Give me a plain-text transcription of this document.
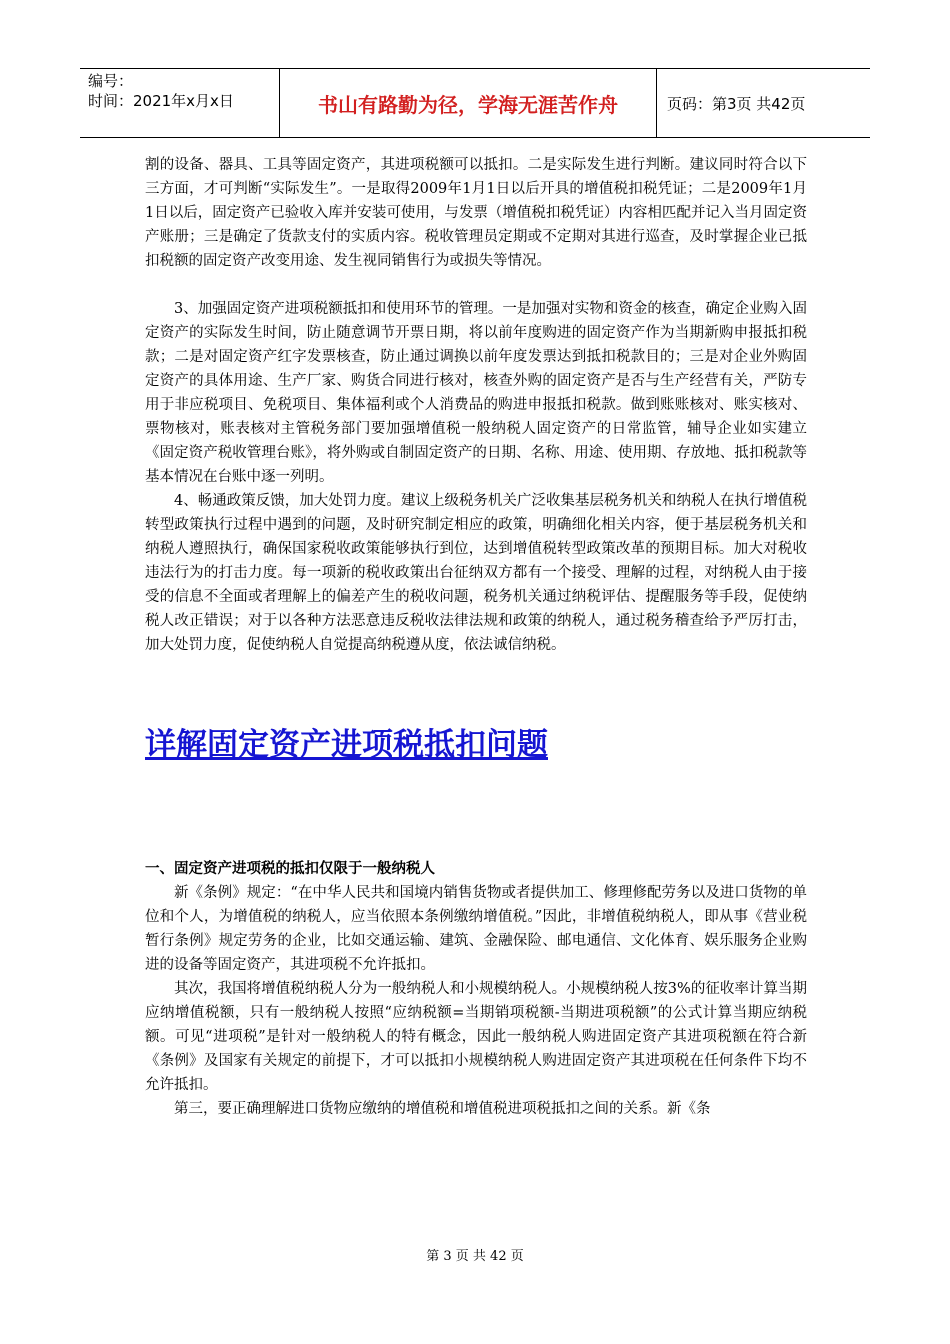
编号：
时间：2021年x月x日	书山有路勤为径，学海无涯苦作舟	页码：第3页 共42页

割的设备、器具、工具等固定资产，其进项税额可以抵扣。二是实际发生进行判断。建议同时符合以下三方面，才可判断“实际发生”。一是取得2009年1月1日以后开具的增值税扣税凭证；二是2009年1月1日以后，固定资产已验收入库并安装可使用，与发票（增值税扣税凭证）内容相匹配并记入当月固定资产账册；三是确定了货款支付的实质内容。税收管理员定期或不定期对其进行巡查，及时掌握企业已抵扣税额的固定资产改变用途、发生视同销售行为或损失等情况。

3、加强固定资产进项税额抵扣和使用环节的管理。一是加强对实物和资金的核查，确定企业购入固定资产的实际发生时间，防止随意调节开票日期，将以前年度购进的固定资产作为当期新购申报抵扣税款；二是对固定资产红字发票核查，防止通过调换以前年度发票达到抵扣税款目的；三是对企业外购固定资产的具体用途、生产厂家、购货合同进行核对，核查外购的固定资产是否与生产经营有关，严防专用于非应税项目、免税项目、集体福利或个人消费品的购进申报抵扣税款。做到账账核对、账实核对、票物核对，账表核对主管税务部门要加强增值税一般纳税人固定资产的日常监管，辅导企业如实建立《固定资产税收管理台账》，将外购或自制固定资产的日期、名称、用途、使用期、存放地、抵扣税款等基本情况在台账中逐一列明。

4、畅通政策反馈，加大处罚力度。建议上级税务机关广泛收集基层税务机关和纳税人在执行增值税转型政策执行过程中遇到的问题，及时研究制定相应的政策，明确细化相关内容，便于基层税务机关和纳税人遵照执行，确保国家税收政策能够执行到位，达到增值税转型政策改革的预期目标。加大对税收违法行为的打击力度。每一项新的税收政策出台征纳双方都有一个接受、理解的过程，对纳税人由于接受的信息不全面或者理解上的偏差产生的税收问题，税务机关通过纳税评估、提醒服务等手段，促使纳税人改正错误；对于以各种方法恶意违反税收法律法规和政策的纳税人，通过税务稽查给予严厉打击，加大处罚力度，促使纳税人自觉提高纳税遵从度，依法诚信纳税。

详解固定资产进项税抵扣问题
一、固定资产进项税的抵扣仅限于一般纳税人

新《条例》规定：“在中华人民共和国境内销售货物或者提供加工、修理修配劳务以及进口货物的单位和个人，为增值税的纳税人，应当依照本条例缴纳增值税。”因此，非增值税纳税人，即从事《营业税暂行条例》规定劳务的企业，比如交通运输、建筑、金融保险、邮电通信、文化体育、娱乐服务企业购进的设备等固定资产，其进项税不允许抵扣。

其次，我国将增值税纳税人分为一般纳税人和小规模纳税人。小规模纳税人按3%的征收率计算当期应纳增值税额，只有一般纳税人按照“应纳税额=当期销项税额-当期进项税额”的公式计算当期应纳税额。可见“进项税”是针对一般纳税人的特有概念，因此一般纳税人购进固定资产其进项税额在符合新《条例》及国家有关规定的前提下，才可以抵扣小规模纳税人购进固定资产其进项税在任何条件下均不允许抵扣。

第三，要正确理解进口货物应缴纳的增值税和增值税进项税抵扣之间的关系。新《条

第 3 页 共 42 页
